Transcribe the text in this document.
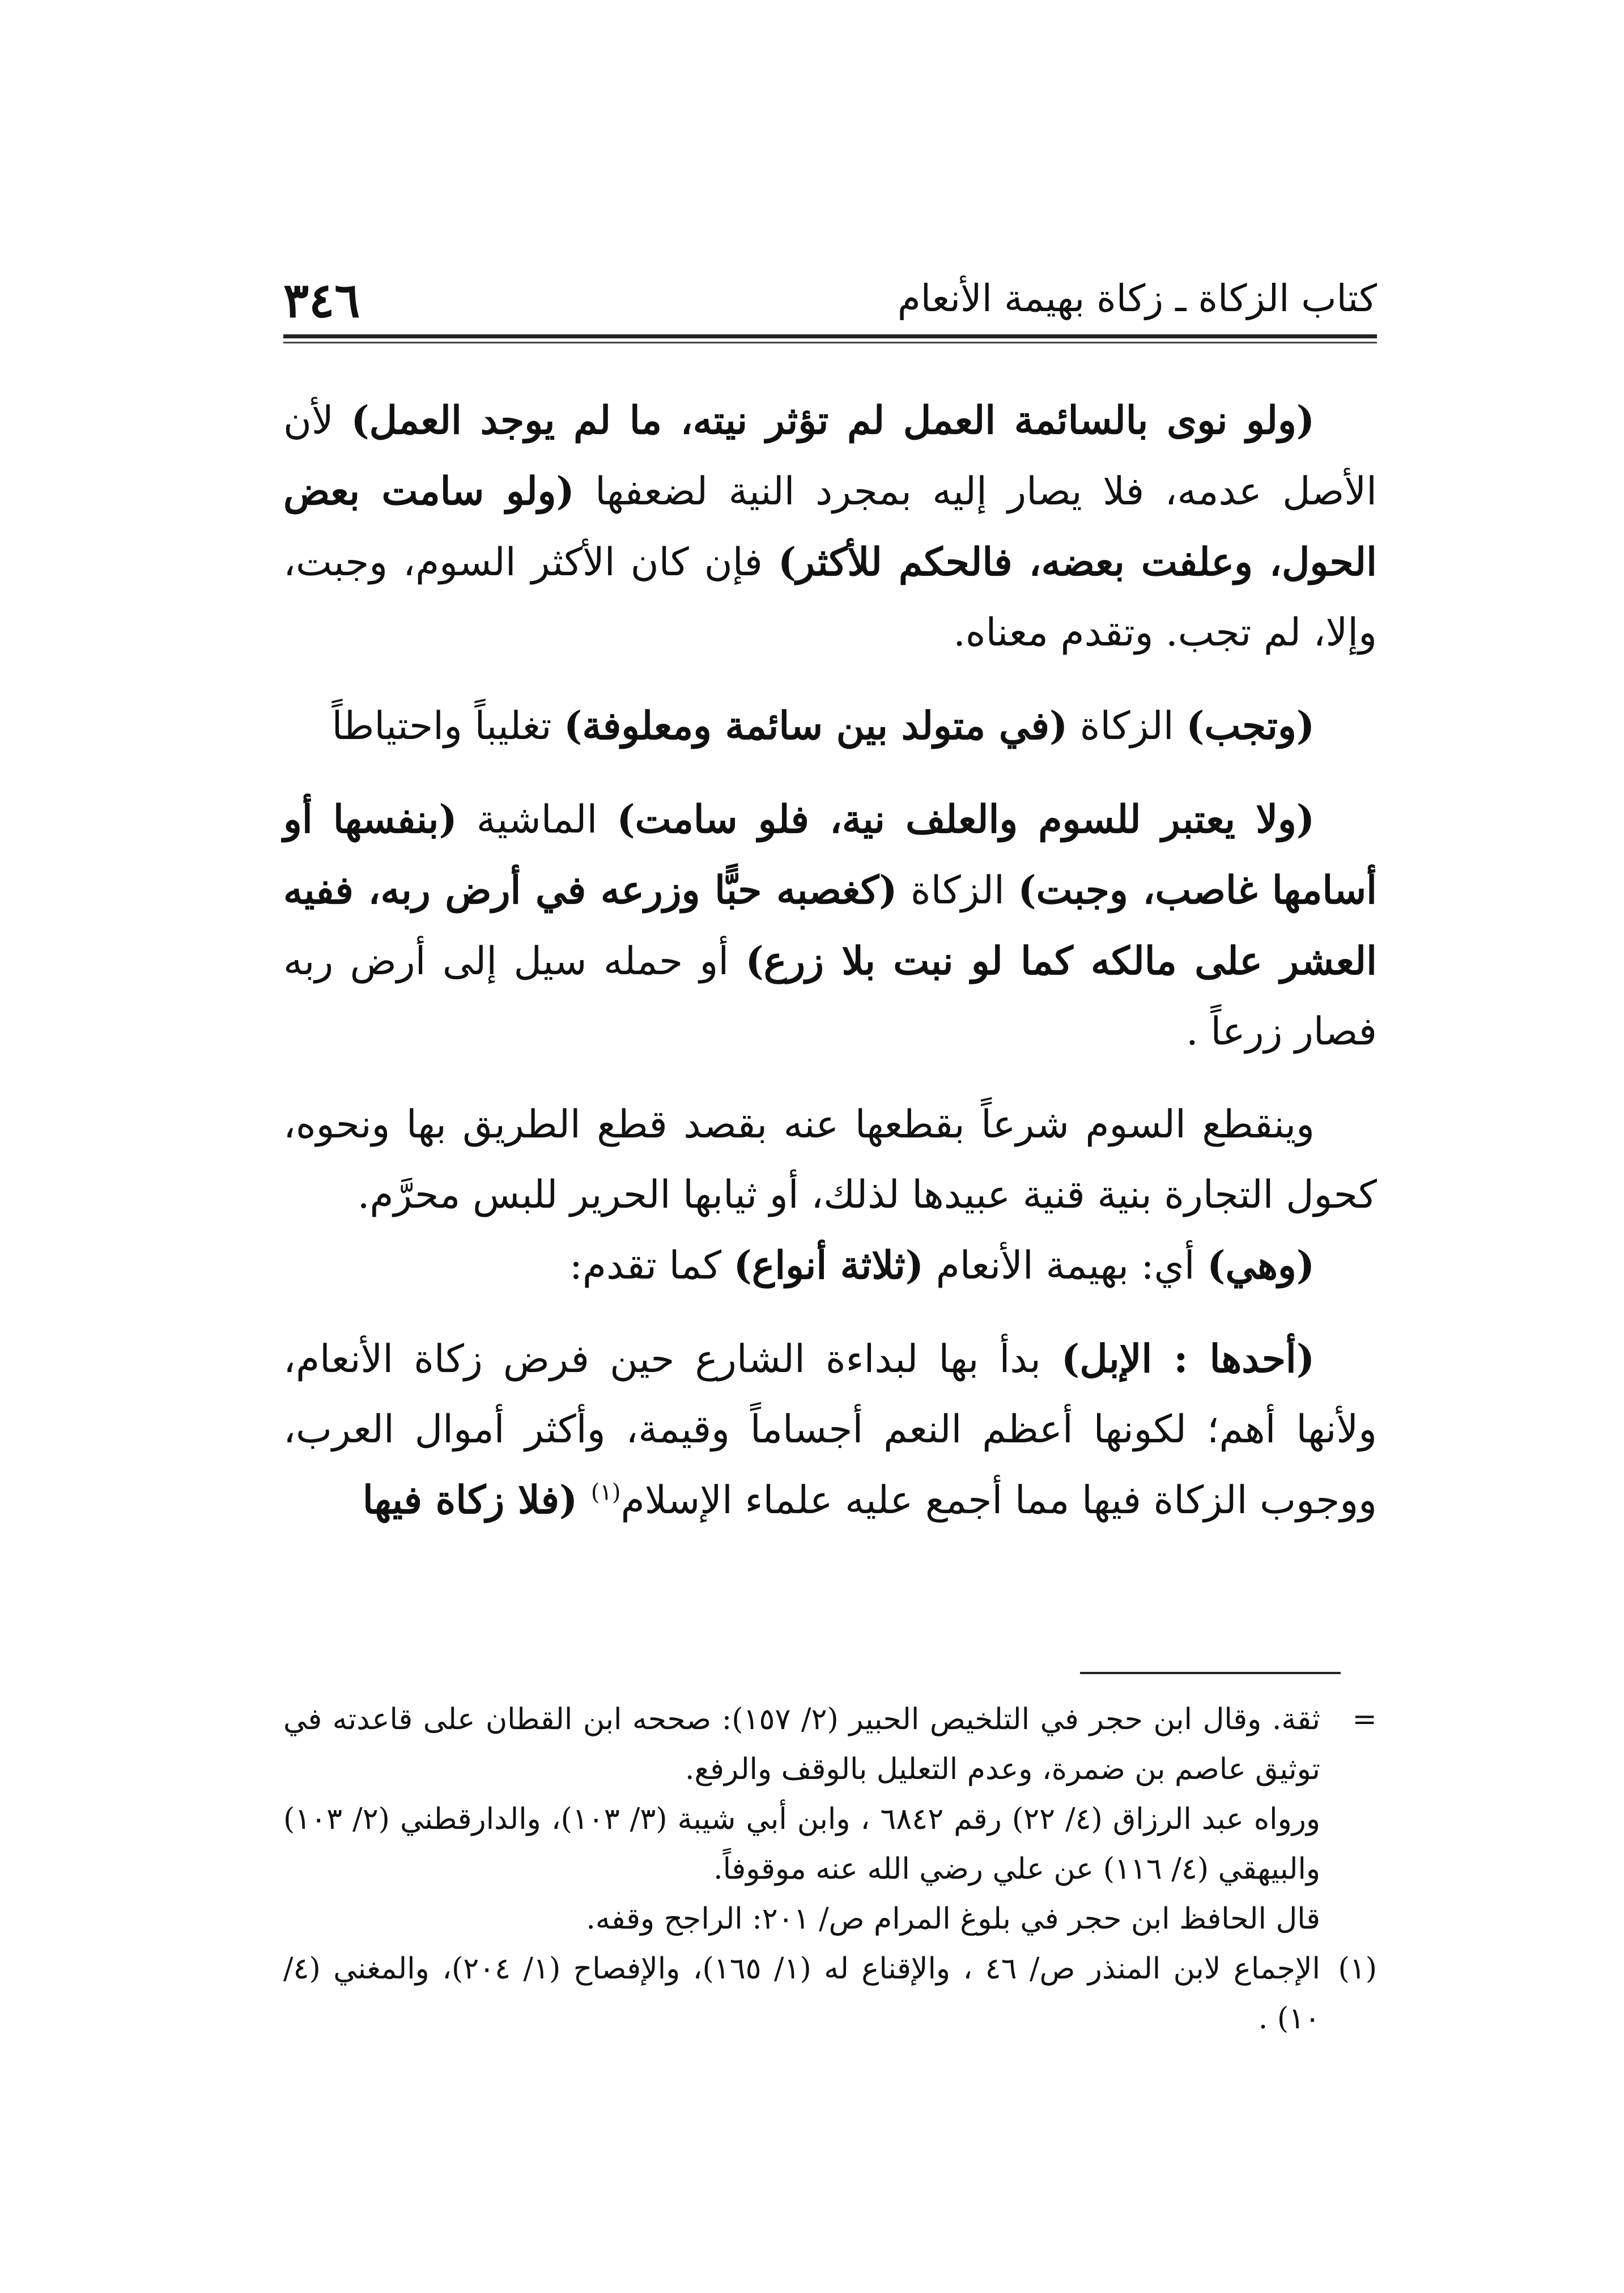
٣٤٦	كتاب الزكاة ـ زكاة بهيمة الأنعام

(ولو نوى بالسائمة العمل لم تؤثر نيته، ما لم يوجد العمل) لأن الأصل عدمه، فلا يصار إليه بمجرد النية لضعفها (ولو سامت بعض الحول، وعلفت بعضه، فالحكم للأكثر) فإن كان الأكثر السوم، وجبت، وإلا، لم تجب. وتقدم معناه.

(وتجب) الزكاة (في متولد بين سائمة ومعلوفة) تغليباً واحتياطاً

(ولا يعتبر للسوم والعلف نية، فلو سامت) الماشية (بنفسها أو أسامها غاصب، وجبت) الزكاة (كغصبه حبًّا وزرعه في أرض ربه، ففيه العشر على مالكه كما لو نبت بلا زرع) أو حمله سيل إلى أرض ربه فصار زرعاً .

وينقطع السوم شرعاً بقطعها عنه بقصد قطع الطريق بها ونحوه، كحول التجارة بنية قنية عبيدها لذلك، أو ثيابها الحرير للبس محرَّم.

(وهي) أي: بهيمة الأنعام (ثلاثة أنواع) كما تقدم:

(أحدها : الإبل) بدأ بها لبداءة الشارع حين فرض زكاة الأنعام، ولأنها أهم؛ لكونها أعظم النعم أجساماً وقيمة، وأكثر أموال العرب، ووجوب الزكاة فيها مما أجمع عليه علماء الإسلام$^{(١)}$ (فلا زكاة فيها

=
ثقة. وقال ابن حجر في التلخيص الحبير (٢/ ١٥٧): صححه ابن القطان على قاعدته في توثيق عاصم بن ضمرة، وعدم التعليل بالوقف والرفع.

ورواه عبد الرزاق (٤/ ٢٢) رقم ٦٨٤٢ ، وابن أبي شيبة (٣/ ١٠٣)، والدارقطني (٢/ ١٠٣) والبيهقي (٤/ ١١٦) عن علي رضي الله عنه موقوفاً.

قال الحافظ ابن حجر في بلوغ المرام ص/ ٢٠١: الراجح وقفه.

(١)
الإجماع لابن المنذر ص/ ٤٦ ، والإقناع له (١/ ١٦٥)، والإفصاح (١/ ٢٠٤)، والمغني (٤/ ١٠) .
